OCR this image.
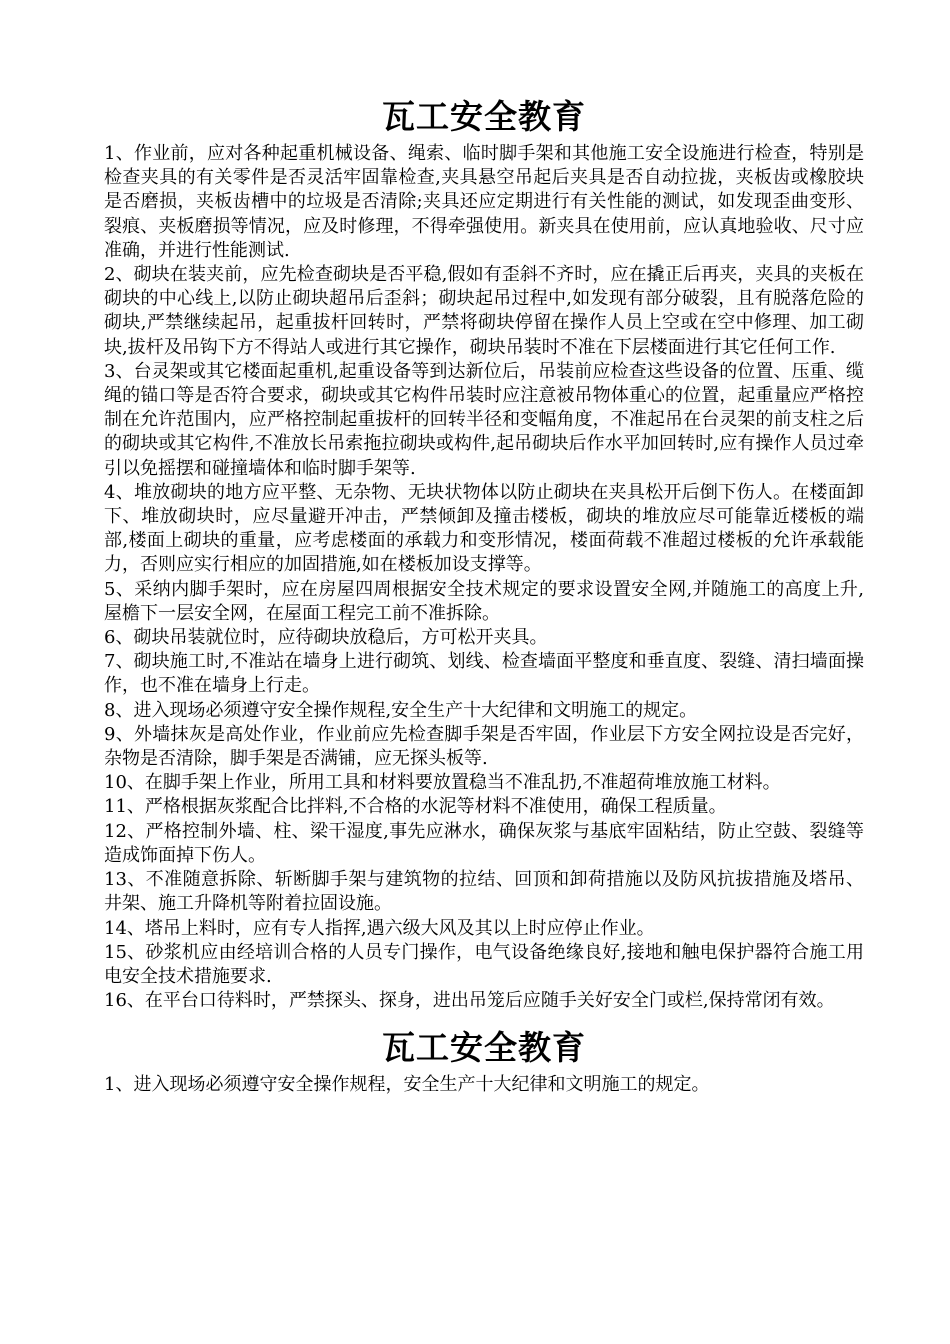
瓦工安全教育

1、作业前，应对各种起重机械设备、绳索、临时脚手架和其他施工安全设施进行检查，特别是检查夹具的有关零件是否灵活牢固靠检查,夹具悬空吊起后夹具是否自动拉拢，夹板齿或橡胶块是否磨损，夹板齿槽中的垃圾是否清除;夹具还应定期进行有关性能的测试，如发现歪曲变形、裂痕、夹板磨损等情况，应及时修理，不得牵强使用。新夹具在使用前，应认真地验收、尺寸应准确，并进行性能测试.

2、砌块在装夹前，应先检查砌块是否平稳,假如有歪斜不齐时，应在撬正后再夹，夹具的夹板在砌块的中心线上,以防止砌块超吊后歪斜；砌块起吊过程中,如发现有部分破裂，且有脱落危险的砌块,严禁继续起吊，起重拔杆回转时，严禁将砌块停留在操作人员上空或在空中修理、加工砌块,拔杆及吊钩下方不得站人或进行其它操作，砌块吊装时不准在下层楼面进行其它任何工作.

3、台灵架或其它楼面起重机,起重设备等到达新位后，吊装前应检查这些设备的位置、压重、缆绳的锚口等是否符合要求，砌块或其它构件吊装时应注意被吊物体重心的位置，起重量应严格控制在允许范围内，应严格控制起重拔杆的回转半径和变幅角度，不准起吊在台灵架的前支柱之后的砌块或其它构件,不准放长吊索拖拉砌块或构件,起吊砌块后作水平加回转时,应有操作人员过牵引以免摇摆和碰撞墙体和临时脚手架等.

4、堆放砌块的地方应平整、无杂物、无块状物体以防止砌块在夹具松开后倒下伤人。在楼面卸下、堆放砌块时，应尽量避开冲击，严禁倾卸及撞击楼板，砌块的堆放应尽可能靠近楼板的端部,楼面上砌块的重量，应考虑楼面的承载力和变形情况，楼面荷载不准超过楼板的允许承载能力，否则应实行相应的加固措施,如在楼板加设支撑等。

5、采纳内脚手架时，应在房屋四周根据安全技术规定的要求设置安全网,并随施工的高度上升,屋檐下一层安全网，在屋面工程完工前不准拆除。

6、砌块吊装就位时，应待砌块放稳后，方可松开夹具。

7、砌块施工时,不准站在墙身上进行砌筑、划线、检查墙面平整度和垂直度、裂缝、清扫墙面操作，也不准在墙身上行走。

8、进入现场必须遵守安全操作规程,安全生产十大纪律和文明施工的规定。

9、外墙抹灰是高处作业，作业前应先检查脚手架是否牢固，作业层下方安全网拉设是否完好，杂物是否清除，脚手架是否满铺，应无探头板等.

10、在脚手架上作业，所用工具和材料要放置稳当不准乱扔,不准超荷堆放施工材料。

11、严格根据灰浆配合比拌料,不合格的水泥等材料不准使用，确保工程质量。

12、严格控制外墙、柱、梁干湿度,事先应淋水，确保灰浆与基底牢固粘结，防止空鼓、裂缝等造成饰面掉下伤人。

13、不准随意拆除、斩断脚手架与建筑物的拉结、回顶和卸荷措施以及防风抗拔措施及塔吊、井架、施工升降机等附着拉固设施。

14、塔吊上料时，应有专人指挥,遇六级大风及其以上时应停止作业。

15、砂浆机应由经培训合格的人员专门操作，电气设备绝缘良好,接地和触电保护器符合施工用电安全技术措施要求.

16、在平台口待料时，严禁探头、探身，进出吊笼后应随手关好安全门或栏,保持常闭有效。

瓦工安全教育

1、进入现场必须遵守安全操作规程，安全生产十大纪律和文明施工的规定。
